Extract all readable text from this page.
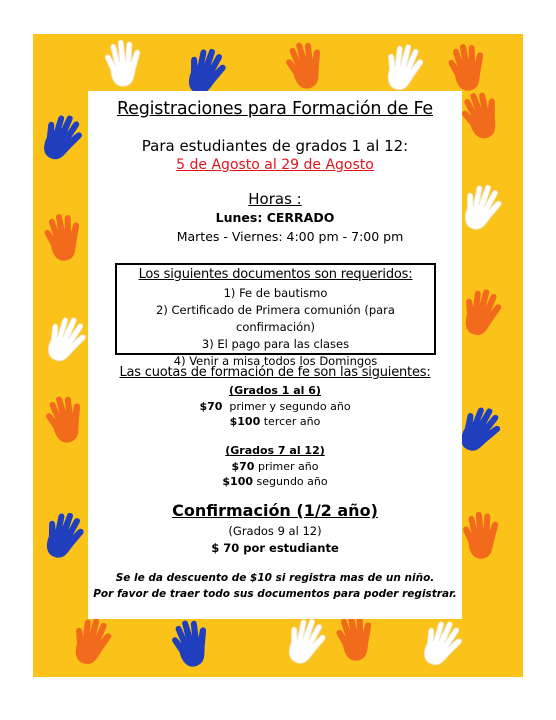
Registraciones para Formación de Fe
Para estudiantes de grados 1 al 12:
5 de Agosto al 29 de Agosto
Horas :
Lunes: CERRADO
Martes - Viernes: 4:00 pm - 7:00 pm
Los siguientes documentos son requeridos:
1) Fe de bautismo
2) Certificado de Primera comunión (para confirmación)
3) El pago para las clases
4) Venir a misa todos los Domingos
Las cuotas de formación de fe son las siguientes:
(Grados 1 al 6)
$70 primer y segundo año
$100 tercer año
(Grados 7 al 12)
$70 primer año
$100 segundo año
Confirmación (1/2 año)
(Grados 9 al 12)
$ 70 por estudiante
Se le da descuento de $10 si registra mas de un niño.
Por favor de traer todo sus documentos para poder registrar.
